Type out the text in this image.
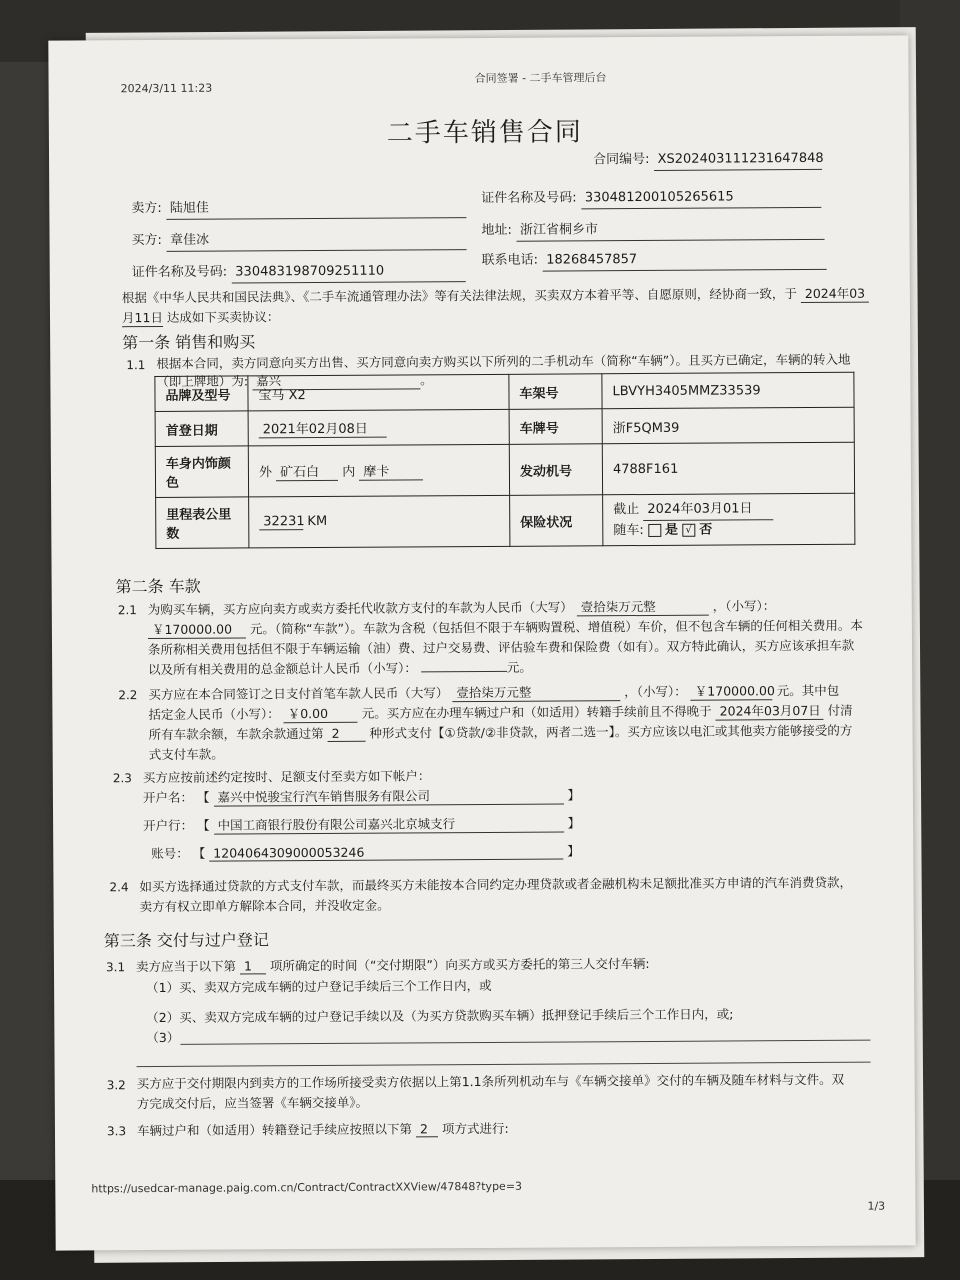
2024/3/11 11:23
合同签署 - 二手车管理后台
二手车销售合同
合同编号: XS202403111231647848
卖方: 陆旭佳
证件名称及号码: 330481200105265615
买方: 章佳冰
地址: 浙江省桐乡市
证件名称及号码: 330483198709251110
联系电话: 18268457857
根据《中华人民共和国民法典》、《二手车流通管理办法》等有关法律法规，买卖双方本着平等、自愿原则，经协商一致，于 2024年03
月11日 达成如下买卖协议：
第一条 销售和购买
1.1 根据本合同，卖方同意向买方出售、买方同意向卖方购买以下所列的二手机动车（简称“车辆”）。且买方已确定，车辆的转入地
（即上牌地）为: 嘉兴	。
品牌及型号	宝马 X2	车架号	LBVYH3405MMZ33539
首登日期	2021年02月08日	车牌号	浙F5QM39
车身内饰颜色	外 矿石白 内 摩卡	发动机号	4788F161
里程表公里数	32231 KM	保险状况	截止 2024年03月01日
随车: 是 √ 否
第二条 车款
2.1 为购买车辆，买方应向卖方或卖方委托代收款方支付的车款为人民币（大写） 壹拾柒万元整	，（小写）：
￥170000.00 元。（简称“车款”）。车款为含税（包括但不限于车辆购置税、增值税）车价，但不包含车辆的任何相关费用。本
条所称相关费用包括但不限于车辆运输（油）费、过户交易费、评估验车费和保险费（如有）。双方特此确认，买方应该承担车款
以及所有相关费用的总金额总计人民币（小写）：	元。
2.2 买方应在本合同签订之日支付首笔车款人民币（大写） 壹拾柒万元整	，（小写）： ￥170000.00 元。其中包
括定金人民币（小写）： ￥0.00	元。买方应在办理车辆过户和（如适用）转籍手续前且不得晚于 2024年03月07日 付清
所有车款余额，车款余款通过第 2 种形式支付【①贷款/②非贷款，两者二选一】。买方应该以电汇或其他卖方能够接受的方
式支付车款。
2.3 买方应按前述约定按时、足额支付至卖方如下帐户：
开户名： 【 嘉兴中悦骏宝行汽车销售服务有限公司	】
开户行： 【 中国工商银行股份有限公司嘉兴北京城支行	】
账号： 【 1204064309000053246	】
2.4 如买方选择通过贷款的方式支付车款，而最终买方未能按本合同约定办理贷款或者金融机构未足额批准买方申请的汽车消费贷款，
卖方有权立即单方解除本合同，并没收定金。
第三条 交付与过户登记
3.1 卖方应当于以下第 1 项所确定的时间（“交付期限”）向买方或买方委托的第三人交付车辆:
（1）买、卖双方完成车辆的过户登记手续后三个工作日内，或
（2）买、卖双方完成车辆的过户登记手续以及（为买方贷款购买车辆）抵押登记手续后三个工作日内，或;
（3）
3.2 买方应于交付期限内到卖方的工作场所接受卖方依据以上第1.1条所列机动车与《车辆交接单》交付的车辆及随车材料与文件。双
方完成交付后，应当签署《车辆交接单》。
3.3 车辆过户和（如适用）转籍登记手续应按照以下第 2 项方式进行:
https://usedcar-manage.paig.com.cn/Contract/ContractXXView/47848?type=3
1/3
